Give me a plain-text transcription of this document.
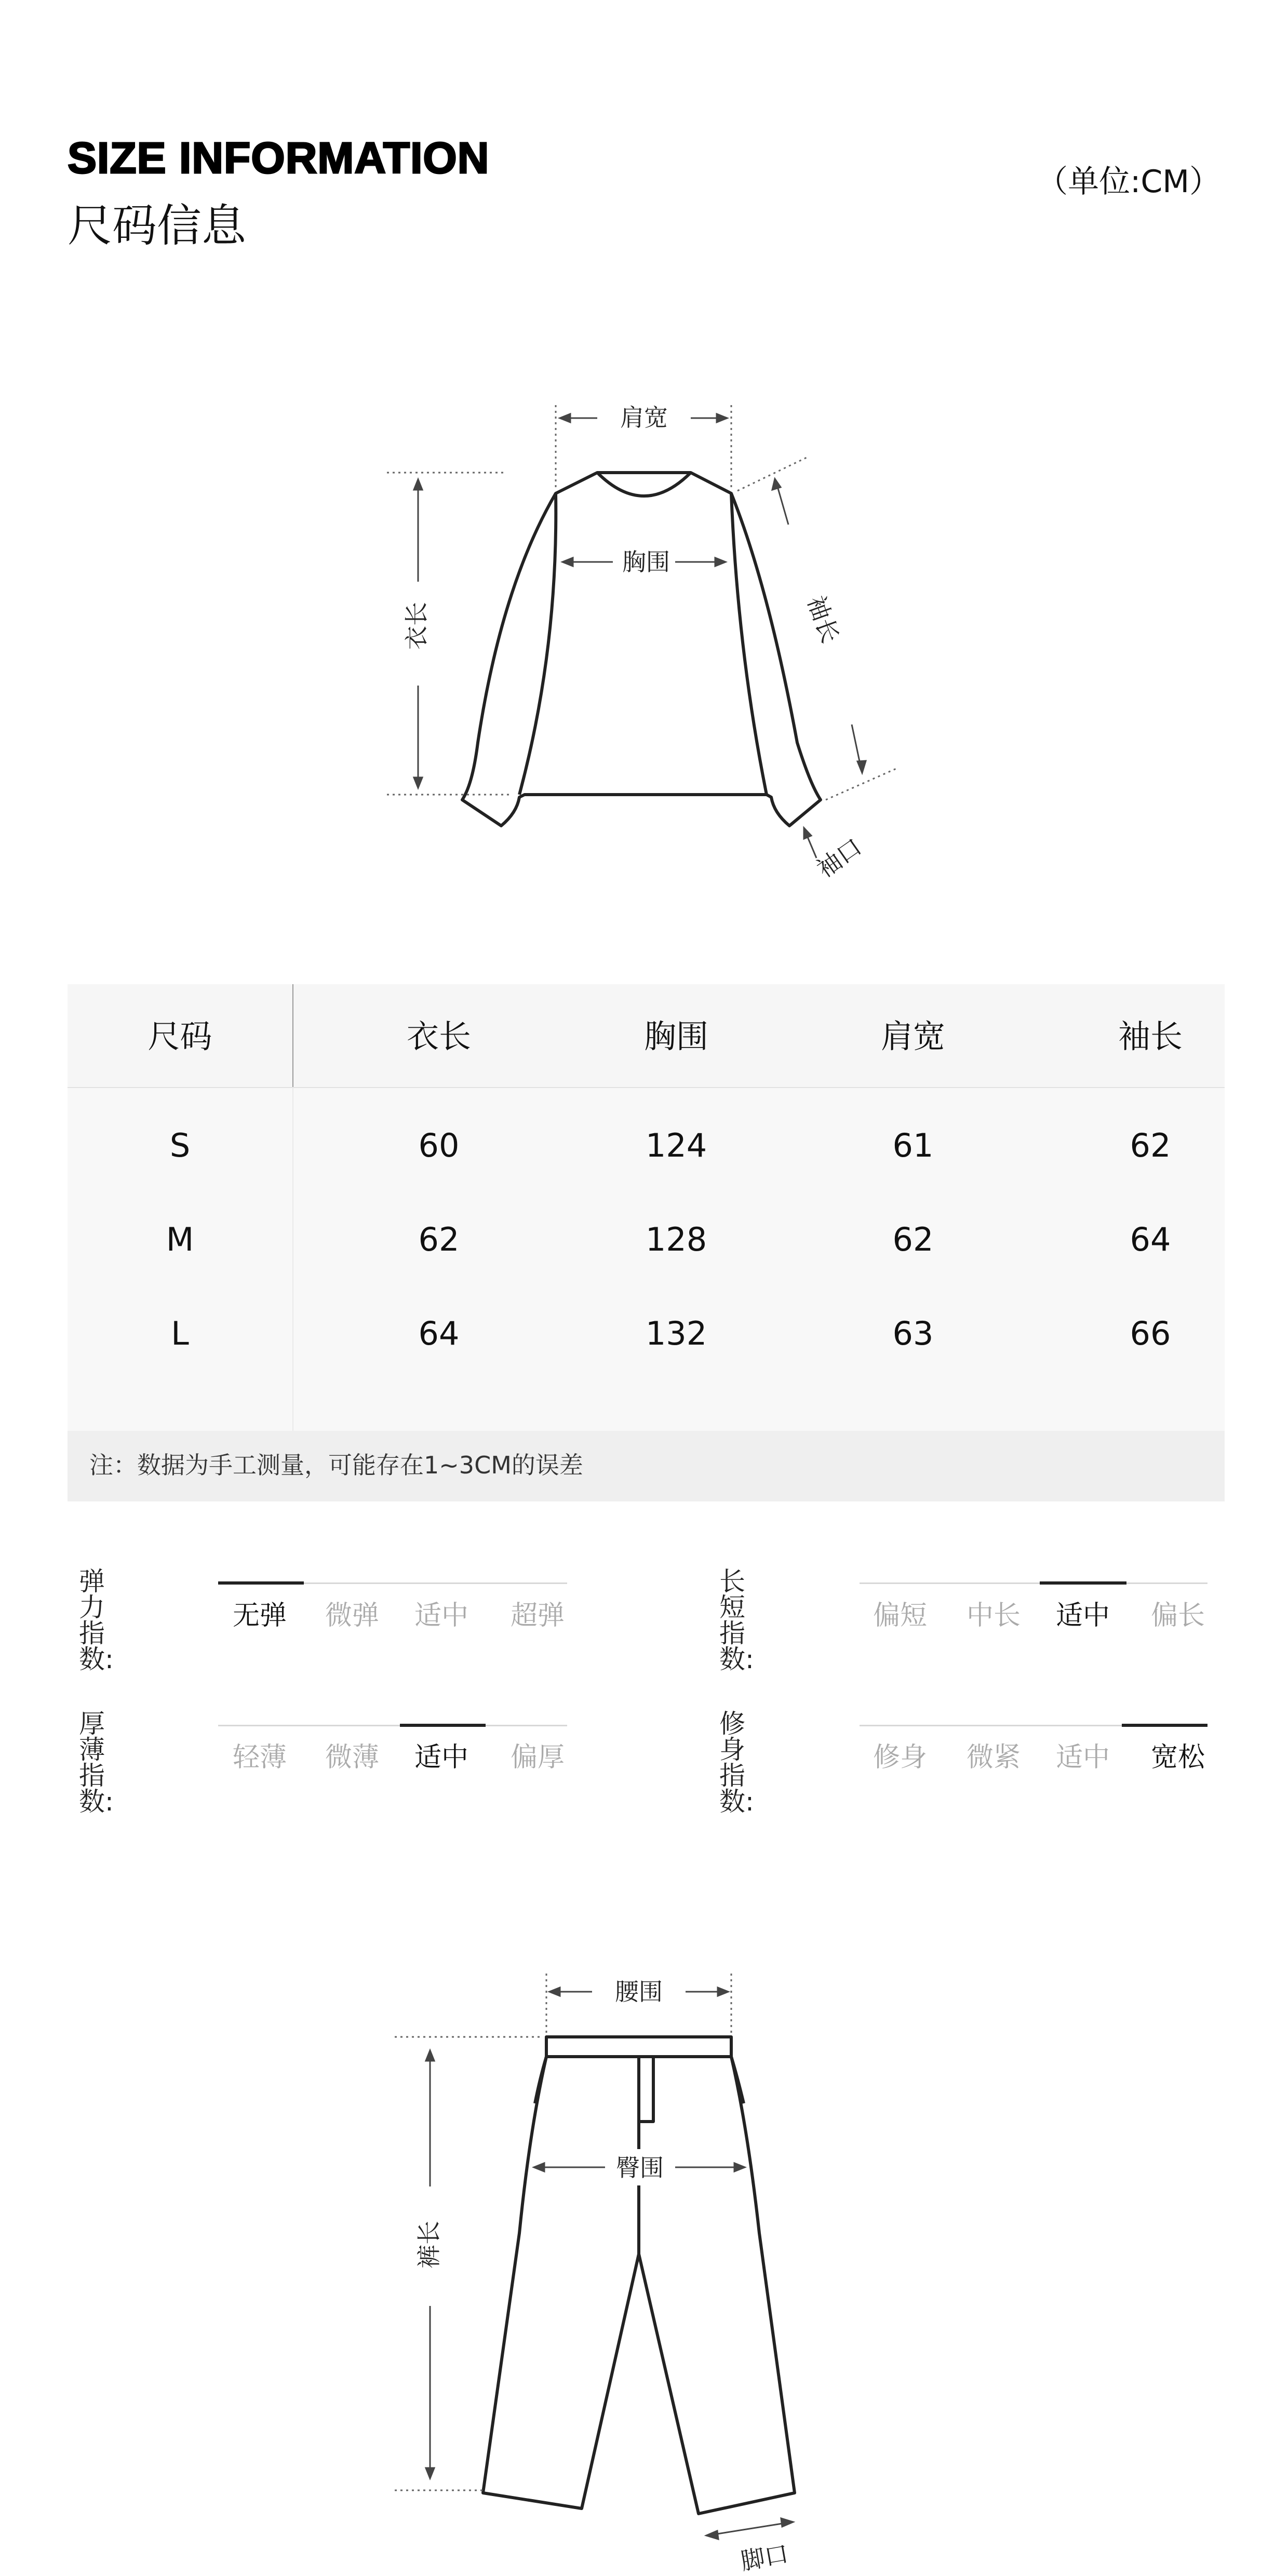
SIZE INFORMATION
尺码信息
（单位:CM）
肩宽
胸围
衣长	袖长
袖口
尺码	衣长	胸围	肩宽	袖长
S	60	124	61	62
M	62	128	62	64
L	64	132	63	66
注：数据为手工测量，可能存在1~3CM的误差
弹力指数:
无弹	微弹	适中	超弹
长短指数:
偏短	中长	适中	偏长
厚薄指数:
轻薄	微薄	适中	偏厚
修身指数:
修身	微紧	适中	宽松
腰围
臀围
裤长
脚口
